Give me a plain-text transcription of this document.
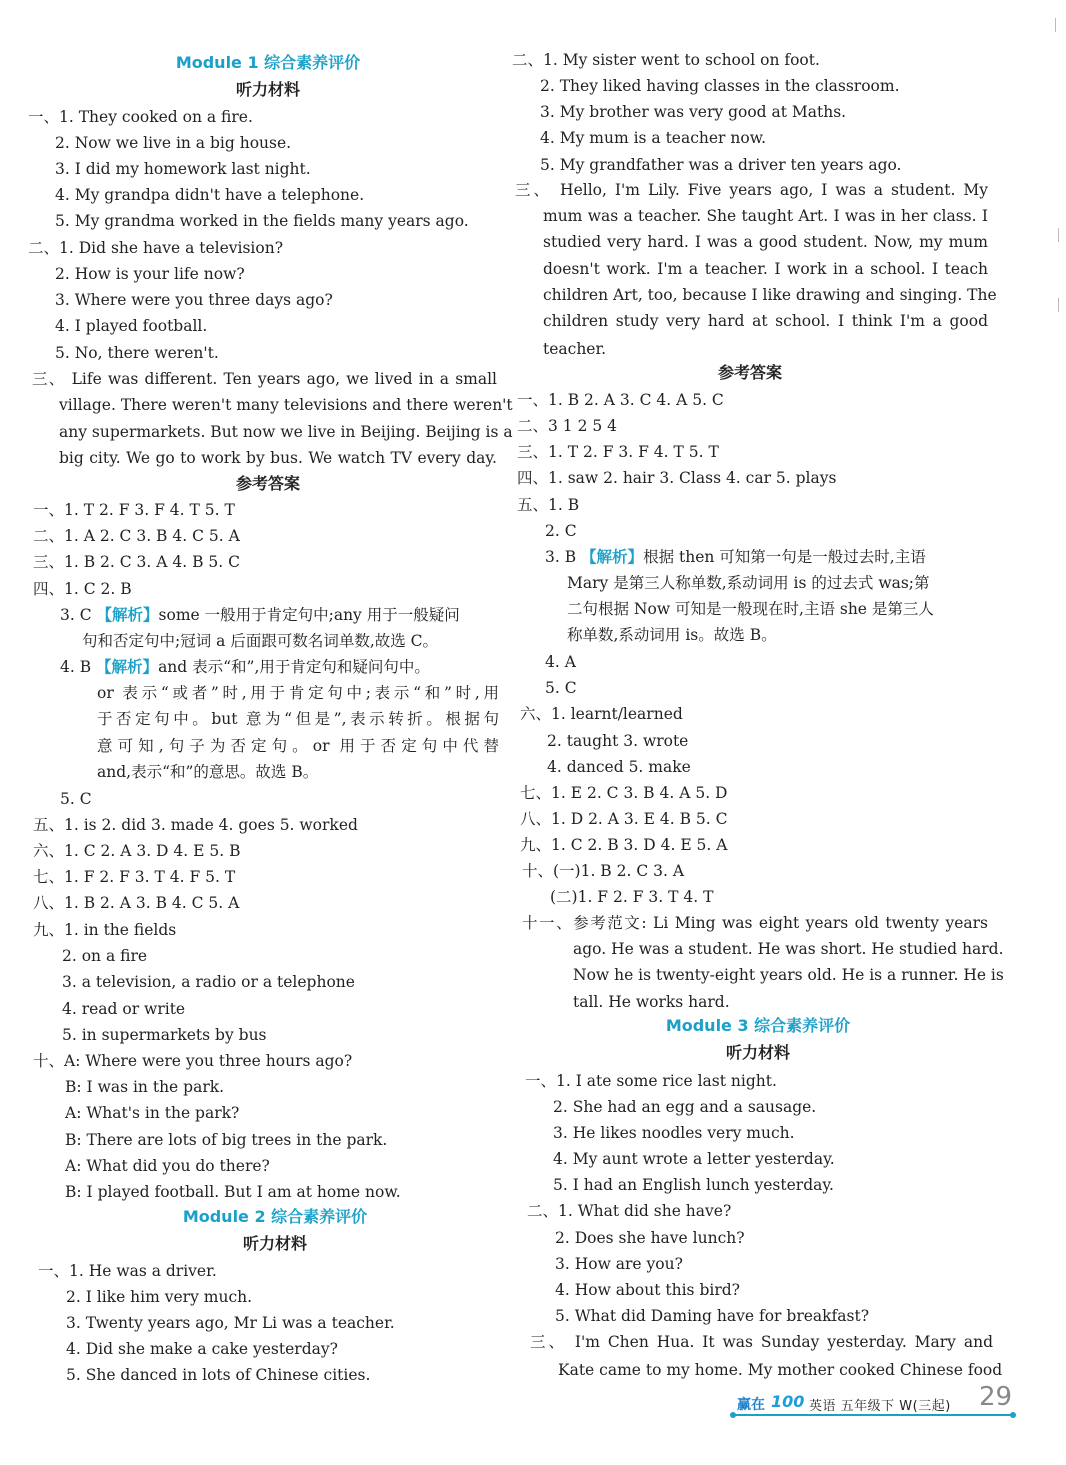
Module 1 综合素养评价
听力材料
一、1. They cooked on a fire.
2. Now we live in a big house.
3. I did my homework last night.
4. My grandpa didn't have a telephone.
5. My grandma worked in the fields many years ago.
二、1. Did she have a television?
2. How is your life now?
3. Where were you three days ago?
4. I played football.
5. No, there weren't.
三、 Life was different. Ten years ago, we lived in a small
village. There weren't many televisions and there weren't
any supermarkets. But now we live in Beijing. Beijing is a
big city. We go to work by bus. We watch TV every day.
参考答案
一、1. T 2. F 3. F 4. T 5. T
二、1. A 2. C 3. B 4. C 5. A
三、1. B 2. C 3. A 4. B 5. C
四、1. C 2. B
3. C 【解析】some 一般用于肯定句中;any 用于一般疑问
句和否定句中;冠词 a 后面跟可数名词单数,故选 C。
4. B 【解析】and 表示“和”,用于肯定句和疑问句中。
or 表示“或者”时,用于肯定句中;表示“和”时,用
于否定句中。but 意为“但是”,表示转折。根据句
意可知,句子为否定句。or 用于否定句中代替
and,表示“和”的意思。故选 B。
5. C
五、1. is 2. did 3. made 4. goes 5. worked
六、1. C 2. A 3. D 4. E 5. B
七、1. F 2. F 3. T 4. F 5. T
八、1. B 2. A 3. B 4. C 5. A
九、1. in the fields
2. on a fire
3. a television, a radio or a telephone
4. read or write
5. in supermarkets by bus
十、A: Where were you three hours ago?
B: I was in the park.
A: What's in the park?
B: There are lots of big trees in the park.
A: What did you do there?
B: I played football. But I am at home now.
Module 2 综合素养评价
听力材料
一、1. He was a driver.
2. I like him very much.
3. Twenty years ago, Mr Li was a teacher.
4. Did she make a cake yesterday?
5. She danced in lots of Chinese cities.
二、1. My sister went to school on foot.
2. They liked having classes in the classroom.
3. My brother was very good at Maths.
4. My mum is a teacher now.
5. My grandfather was a driver ten years ago.
三、 Hello, I'm Lily. Five years ago, I was a student. My
mum was a teacher. She taught Art. I was in her class. I
studied very hard. I was a good student. Now, my mum
doesn't work. I'm a teacher. I work in a school. I teach
children Art, too, because I like drawing and singing. The
children study very hard at school. I think I'm a good
teacher.
参考答案
一、1. B 2. A 3. C 4. A 5. C
二、3 1 2 5 4
三、1. T 2. F 3. F 4. T 5. T
四、1. saw 2. hair 3. Class 4. car 5. plays
五、1. B
2. C
3. B 【解析】根据 then 可知第一句是一般过去时,主语
Mary 是第三人称单数,系动词用 is 的过去式 was;第
二句根据 Now 可知是一般现在时,主语 she 是第三人
称单数,系动词用 is。故选 B。
4. A
5. C
六、1. learnt/learned
2. taught 3. wrote
4. danced 5. make
七、1. E 2. C 3. B 4. A 5. D
八、1. D 2. A 3. E 4. B 5. C
九、1. C 2. B 3. D 4. E 5. A
十、(一)1. B 2. C 3. A
(二)1. F 2. F 3. T 4. T
十一、参考范文: Li Ming was eight years old twenty years
ago. He was a student. He was short. He studied hard.
Now he is twenty-eight years old. He is a runner. He is
tall. He works hard.
Module 3 综合素养评价
听力材料
一、1. I ate some rice last night.
2. She had an egg and a sausage.
3. He likes noodles very much.
4. My aunt wrote a letter yesterday.
5. I had an English lunch yesterday.
二、1. What did she have?
2. Does she have lunch?
3. How are you?
4. How about this bird?
5. What did Daming have for breakfast?
三、 I'm Chen Hua. It was Sunday yesterday. Mary and
Kate came to my home. My mother cooked Chinese food
赢在 100 英语 五年级下 W(三起) 29
